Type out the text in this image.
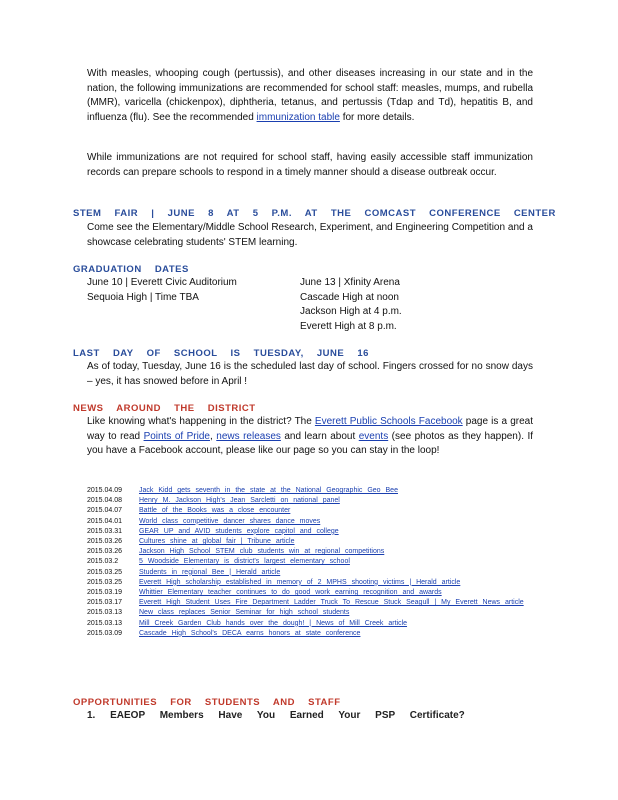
With measles, whooping cough (pertussis), and other diseases increasing in our state and in the nation, the following immunizations are recommended for school staff: measles, mumps, and rubella (MMR), varicella (chickenpox), diphtheria, tetanus, and pertussis (Tdap and Td), hepatitis B, and influenza (flu). See the recommended immunization table for more details.
While immunizations are not required for school staff, having easily accessible staff immunization records can prepare schools to respond in a timely manner should a disease outbreak occur.
STEM FAIR | JUNE 8 AT 5 P.M. AT THE COMCAST CONFERENCE CENTER
Come see the Elementary/Middle School Research, Experiment, and Engineering Competition and a showcase celebrating students' STEM learning.
GRADUATION DATES
June 10 | Everett Civic Auditorium
Sequoia High | Time TBA
June 13 | Xfinity Arena
Cascade High at noon
Jackson High at 4 p.m.
Everett High at 8 p.m.
LAST DAY OF SCHOOL IS TUESDAY, JUNE 16
As of today, Tuesday, June 16 is the scheduled last day of school. Fingers crossed for no snow days – yes, it has snowed before in April !
NEWS AROUND THE DISTRICT
Like knowing what's happening in the district? The Everett Public Schools Facebook page is a great way to read Points of Pride, news releases and learn about events (see photos as they happen). If you have a Facebook account, please like our page so you can stay in the loop!
2015.04.09	Jack Kidd gets seventh in the state at the National Geographic Geo Bee
2015.04.08	Henry M. Jackson High's Jean Sarcletti on national panel
2015.04.07	Battle of the Books was a close encounter
2015.04.01	World class competitive dancer shares dance moves
2015.03.31	GEAR UP and AVID students explore capitol and college
2015.03.26	Cultures shine at global fair | Tribune article
2015.03.26	Jackson High School STEM club students win at regional competitions
2015.03.2	5 Woodside Elementary is district's largest elementary school
2015.03.25	Students in regional Bee | Herald article
2015.03.25	Everett High scholarship established in memory of 2 MPHS shooting victims | Herald article
2015.03.19	Whittier Elementary teacher continues to do good work earning recognition and awards
2015.03.17	Everett High Student Uses Fire Department Ladder Truck To Rescue Stuck Seagull | My Everett News article
2015.03.13	New class replaces Senior Seminar for high school students
2015.03.13	Mill Creek Garden Club hands over the dough! | News of Mill Creek article
2015.03.09	Cascade High School's DECA earns honors at state conference
OPPORTUNITIES FOR STUDENTS AND STAFF
1. EAEOP Members Have You Earned Your PSP Certificate?
